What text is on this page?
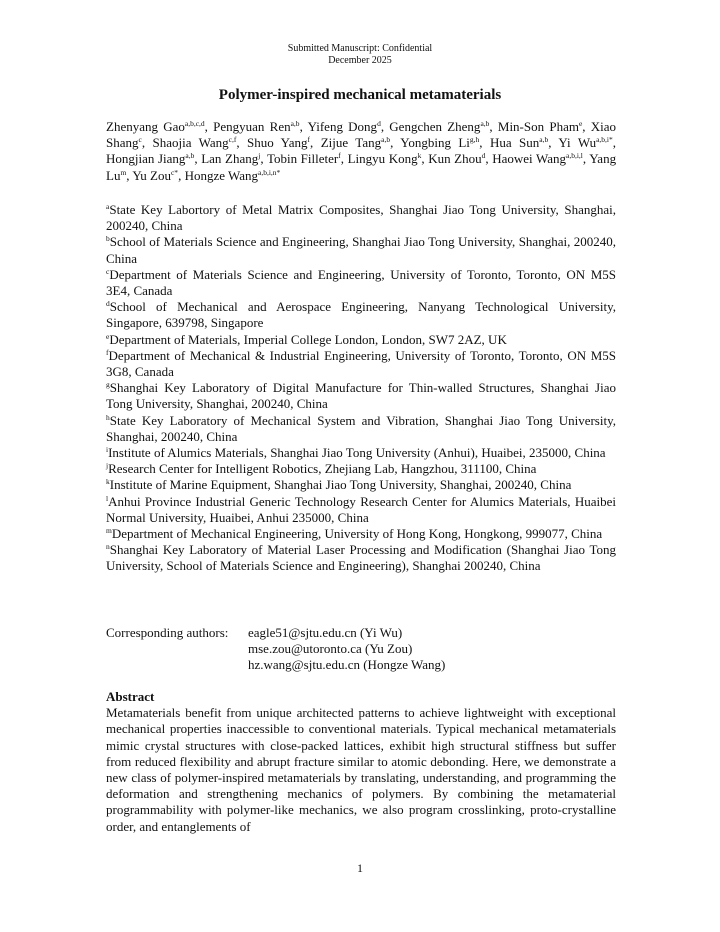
Submitted Manuscript: Confidential
December 2025
Polymer-inspired mechanical metamaterials
Zhenyang Gao$^{a,b,c,d}$, Pengyuan Ren$^{a,b}$, Yifeng Dong$^d$, Gengchen Zheng$^{a,b}$, Min-Son Pham$^e$, Xiao Shang$^c$, Shaojia Wang$^{c,f}$, Shuo Yang$^f$, Zijue Tang$^{a,b}$, Yongbing Li$^{g,h}$, Hua Sun$^{a,b}$, Yi $Wu^{a,b,i*}$, Hongjian Jiang$^{a,b}$, Lan Zhang$^j$, Tobin Filleter$^f$, Lingyu Kong$^k$, Kun Zhou$^d$, Haowei Wang$^{a,b,i,l}$, Yang Lu$^m$, Yu Zou$^{c*}$, Hongze Wang$^{a,b,i,n*}$
$^a$State Key Labortory of Metal Matrix Composites, Shanghai Jiao Tong University, Shanghai, 200240, China
$^b$School of Materials Science and Engineering, Shanghai Jiao Tong University, Shanghai, 200240, China
$^c$Department of Materials Science and Engineering, University of Toronto, Toronto, ON M5S 3E4, Canada
$^d$School of Mechanical and Aerospace Engineering, Nanyang Technological University, Singapore, 639798, Singapore
$^e$Department of Materials, Imperial College London, London, SW7 2AZ, UK
$^f$Department of Mechanical & Industrial Engineering, University of Toronto, Toronto, ON M5S 3G8, Canada
$^g$Shanghai Key Laboratory of Digital Manufacture for Thin-walled Structures, Shanghai Jiao Tong University, Shanghai, 200240, China
$^h$State Key Laboratory of Mechanical System and Vibration, Shanghai Jiao Tong University, Shanghai, 200240, China
$^i$Institute of Alumics Materials, Shanghai Jiao Tong University (Anhui), Huaibei, 235000, China
$^j$Research Center for Intelligent Robotics, Zhejiang Lab, Hangzhou, 311100, China
$^k$Institute of Marine Equipment, Shanghai Jiao Tong University, Shanghai, 200240, China
$^l$Anhui Province Industrial Generic Technology Research Center for Alumics Materials, Huaibei Normal University, Huaibei, Anhui 235000, China
$^m$Department of Mechanical Engineering, University of Hong Kong, Hongkong, 999077, China
$^n$Shanghai Key Laboratory of Material Laser Processing and Modification (Shanghai Jiao Tong University, School of Materials Science and Engineering), Shanghai 200240, China
Corresponding authors:	eagle51@sjtu.edu.cn (Yi Wu)
mse.zou@utoronto.ca (Yu Zou)
hz.wang@sjtu.edu.cn (Hongze Wang)
Abstract
Metamaterials benefit from unique architected patterns to achieve lightweight with exceptional mechanical properties inaccessible to conventional materials. Typical mechanical metamaterials mimic crystal structures with close-packed lattices, exhibit high structural stiffness but suffer from reduced flexibility and abrupt fracture similar to atomic debonding. Here, we demonstrate a new class of polymer-inspired metamaterials by translating, understanding, and programming the deformation and strengthening mechanics of polymers. By combining the metamaterial programmability with polymer-like mechanics, we also program crosslinking, proto-crystalline order, and entanglements of
1
